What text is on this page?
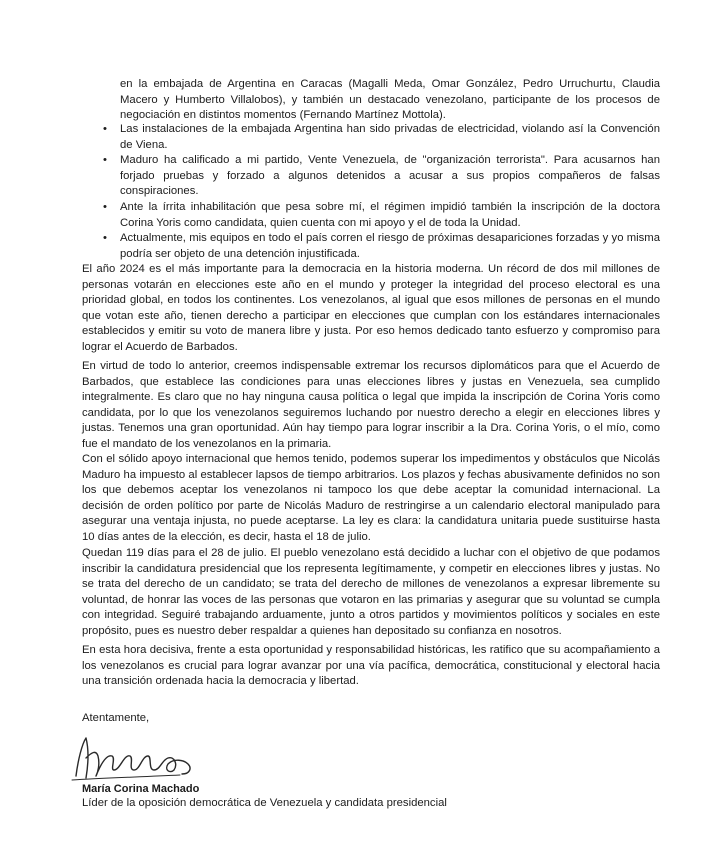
en la embajada de Argentina en Caracas (Magalli Meda, Omar González, Pedro Urruchurtu, Claudia Macero y Humberto Villalobos), y también un destacado venezolano, participante de los procesos de negociación en distintos momentos (Fernando Martínez Mottola).
• Las instalaciones de la embajada Argentina han sido privadas de electricidad, violando así la Convención de Viena.
• Maduro ha calificado a mi partido, Vente Venezuela, de "organización terrorista". Para acusarnos han forjado pruebas y forzado a algunos detenidos a acusar a sus propios compañeros de falsas conspiraciones.
• Ante la írrita inhabilitación que pesa sobre mí, el régimen impidió también la inscripción de la doctora Corina Yoris como candidata, quien cuenta con mi apoyo y el de toda la Unidad.
• Actualmente, mis equipos en todo el país corren el riesgo de próximas desapariciones forzadas y yo misma podría ser objeto de una detención injustificada.

El año 2024 es el más importante para la democracia en la historia moderna. Un récord de dos mil millones de personas votarán en elecciones este año en el mundo y proteger la integridad del proceso electoral es una prioridad global, en todos los continentes. Los venezolanos, al igual que esos millones de personas en el mundo que votan este año, tienen derecho a participar en elecciones que cumplan con los estándares internacionales establecidos y emitir su voto de manera libre y justa. Por eso hemos dedicado tanto esfuerzo y compromiso para lograr el Acuerdo de Barbados.

En virtud de todo lo anterior, creemos indispensable extremar los recursos diplomáticos para que el Acuerdo de Barbados, que establece las condiciones para unas elecciones libres y justas en Venezuela, sea cumplido integralmente. Es claro que no hay ninguna causa política o legal que impida la inscripción de Corina Yoris como candidata, por lo que los venezolanos seguiremos luchando por nuestro derecho a elegir en elecciones libres y justas. Tenemos una gran oportunidad. Aún hay tiempo para lograr inscribir a la Dra. Corina Yoris, o el mío, como fue el mandato de los venezolanos en la primaria.

Con el sólido apoyo internacional que hemos tenido, podemos superar los impedimentos y obstáculos que Nicolás Maduro ha impuesto al establecer lapsos de tiempo arbitrarios. Los plazos y fechas abusivamente definidos no son los que debemos aceptar los venezolanos ni tampoco los que debe aceptar la comunidad internacional. La decisión de orden político por parte de Nicolás Maduro de restringirse a un calendario electoral manipulado para asegurar una ventaja injusta, no puede aceptarse. La ley es clara: la candidatura unitaria puede sustituirse hasta 10 días antes de la elección, es decir, hasta el 18 de julio.

Quedan 119 días para el 28 de julio. El pueblo venezolano está decidido a luchar con el objetivo de que podamos inscribir la candidatura presidencial que los representa legítimamente, y competir en elecciones libres y justas. No se trata del derecho de un candidato; se trata del derecho de millones de venezolanos a expresar libremente su voluntad, de honrar las voces de las personas que votaron en las primarias y asegurar que su voluntad se cumpla con integridad. Seguiré trabajando arduamente, junto a otros partidos y movimientos políticos y sociales en este propósito, pues es nuestro deber respaldar a quienes han depositado su confianza en nosotros.

En esta hora decisiva, frente a esta oportunidad y responsabilidad históricas, les ratifico que su acompañamiento a los venezolanos es crucial para lograr avanzar por una vía pacífica, democrática, constitucional y electoral hacia una transición ordenada hacia la democracia y libertad.

Atentamente,
María Corina Machado
Líder de la oposición democrática de Venezuela y candidata presidencial
